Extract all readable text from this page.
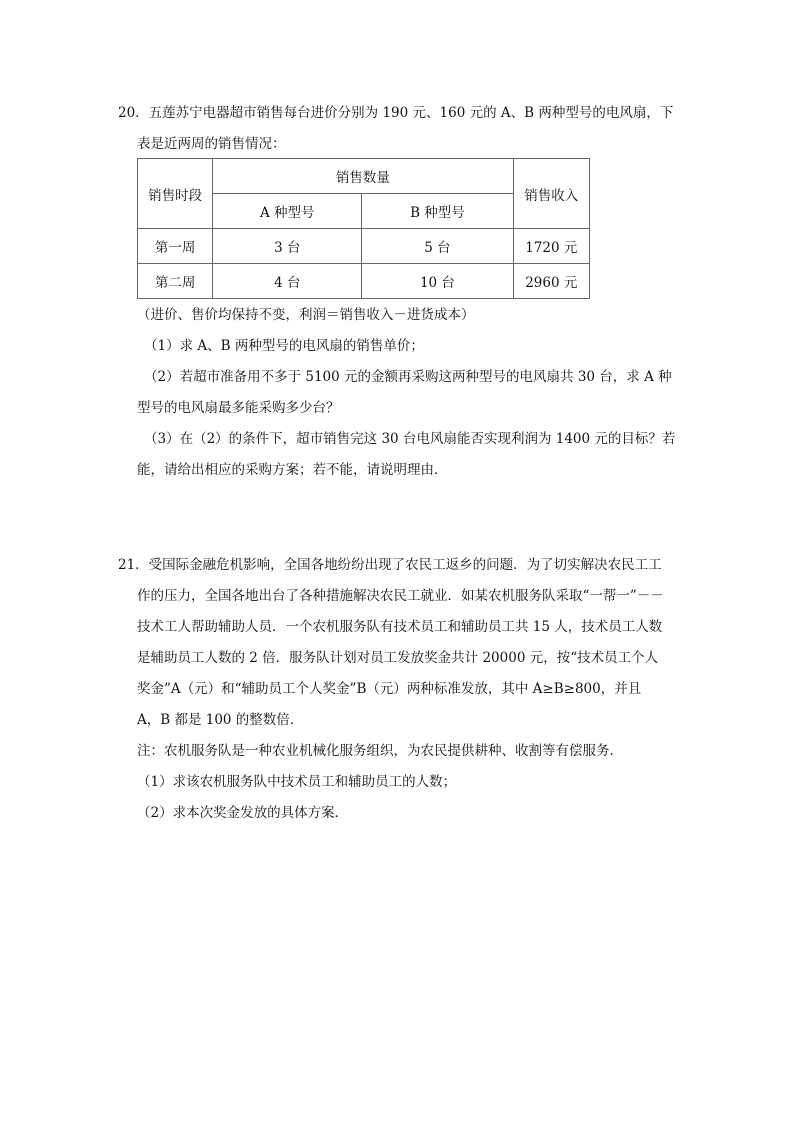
20．五莲苏宁电器超市销售每台进价分别为 190 元、160 元的 A、B 两种型号的电风扇，下
表是近两周的销售情况：
销售时段	销售数量		销售收入
	A 种型号	B 种型号	
第一周	3 台	5 台	1720 元
第二周	4 台	10 台	2960 元
（进价、售价均保持不变，利润＝销售收入－进货成本）
（1）求 A、B 两种型号的电风扇的销售单价；
（2）若超市准备用不多于 5100 元的金额再采购这两种型号的电风扇共 30 台，求 A 种
型号的电风扇最多能采购多少台？
（3）在（2）的条件下，超市销售完这 30 台电风扇能否实现利润为 1400 元的目标？若
能，请给出相应的采购方案；若不能，请说明理由．
21．受国际金融危机影响，全国各地纷纷出现了农民工返乡的问题．为了切实解决农民工工
作的压力，全国各地出台了各种措施解决农民工就业．如某农机服务队采取“一帮一”－－
技术工人帮助辅助人员．一个农机服务队有技术员工和辅助员工共 15 人，技术员工人数
是辅助员工人数的 2 倍．服务队计划对员工发放奖金共计 20000 元，按“技术员工个人
奖金”A（元）和“辅助员工个人奖金”B（元）两种标准发放，其中 A≥B≥800，并且
A，B 都是 100 的整数倍．
注：农机服务队是一种农业机械化服务组织，为农民提供耕种、收割等有偿服务．
（1）求该农机服务队中技术员工和辅助员工的人数；
（2）求本次奖金发放的具体方案．
